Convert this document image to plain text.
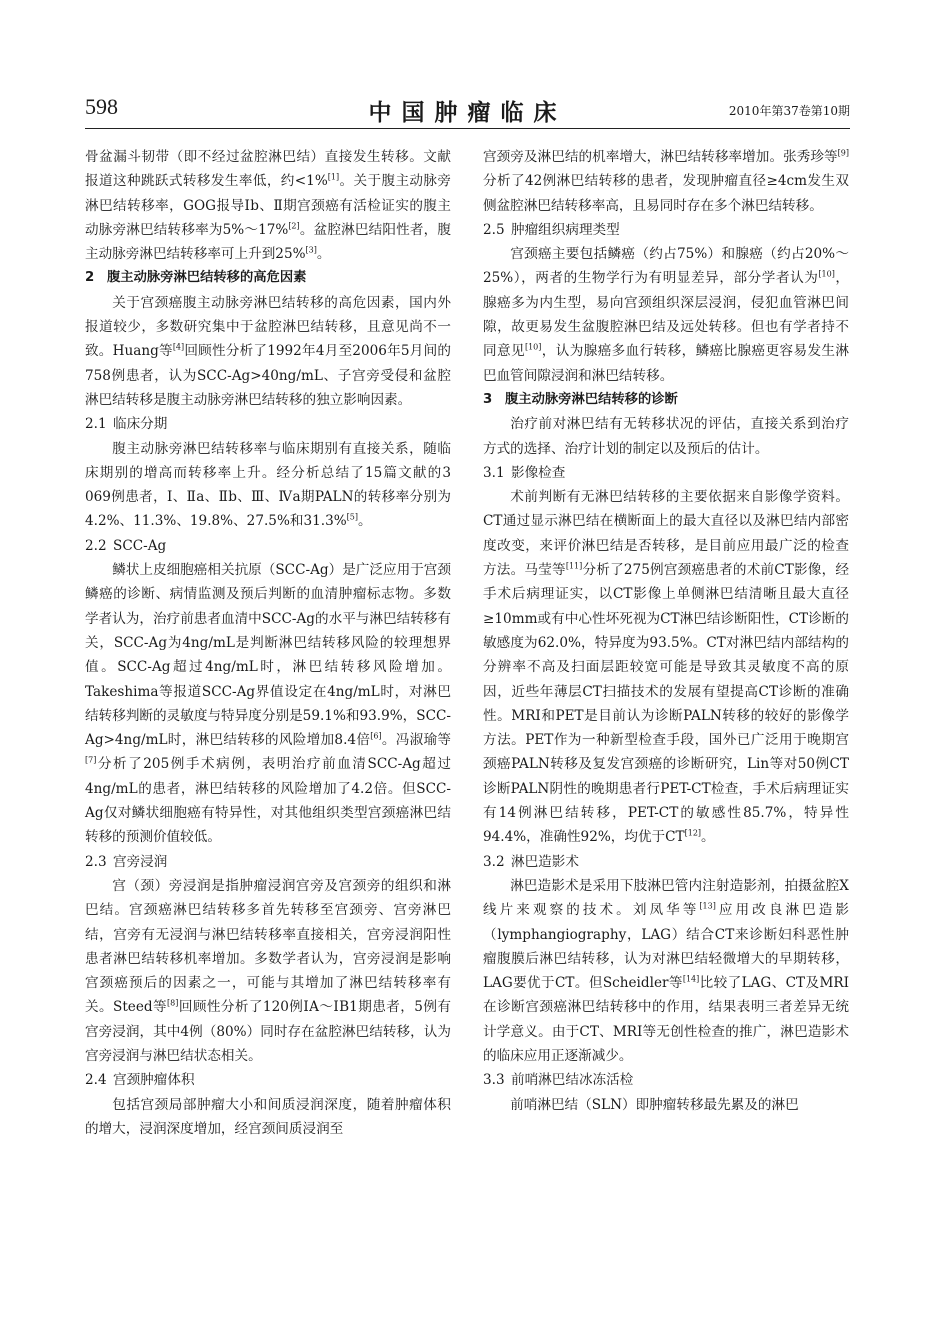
598	中国肿瘤临床	2010年第37卷第10期

骨盆漏斗韧带（即不经过盆腔淋巴结）直接发生转移。文献报道这种跳跃式转移发生率低，约<1%[1]。关于腹主动脉旁淋巴结转移率，GOG报导Ⅰb、Ⅱ期宫颈癌有活检证实的腹主动脉旁淋巴结转移率为5%～17%[2]。盆腔淋巴结阳性者，腹主动脉旁淋巴结转移率可上升到25%[3]。

2 腹主动脉旁淋巴结转移的高危因素

关于宫颈癌腹主动脉旁淋巴结转移的高危因素，国内外报道较少，多数研究集中于盆腔淋巴结转移，且意见尚不一致。Huang等[4]回顾性分析了1992年4月至2006年5月间的758例患者，认为SCC-Ag>40ng/mL、子宫旁受侵和盆腔淋巴结转移是腹主动脉旁淋巴结转移的独立影响因素。

2.1 临床分期

腹主动脉旁淋巴结转移率与临床期别有直接关系，随临床期别的增高而转移率上升。经分析总结了15篇文献的3 069例患者，Ⅰ、Ⅱa、Ⅱb、Ⅲ、Ⅳa期PALN的转移率分别为4.2%、11.3%、19.8%、27.5%和31.3%[5]。

2.2 SCC-Ag

鳞状上皮细胞癌相关抗原（SCC-Ag）是广泛应用于宫颈鳞癌的诊断、病情监测及预后判断的血清肿瘤标志物。多数学者认为，治疗前患者血清中SCC-Ag的水平与淋巴结转移有关，SCC-Ag为4ng/mL是判断淋巴结转移风险的较理想界值。SCC-Ag超过4ng/mL时，淋巴结转移风险增加。Takeshima等报道SCC-Ag界值设定在4ng/mL时，对淋巴结转移判断的灵敏度与特异度分别是59.1%和93.9%，SCC-Ag>4ng/mL时，淋巴结转移的风险增加8.4倍[6]。冯淑瑜等[7]分析了205例手术病例，表明治疗前血清SCC-Ag超过4ng/mL的患者，淋巴结转移的风险增加了4.2倍。但SCC-Ag仅对鳞状细胞癌有特异性，对其他组织类型宫颈癌淋巴结转移的预测价值较低。

2.3 宫旁浸润

宫（颈）旁浸润是指肿瘤浸润宫旁及宫颈旁的组织和淋巴结。宫颈癌淋巴结转移多首先转移至宫颈旁、宫旁淋巴结，宫旁有无浸润与淋巴结转移率直接相关，宫旁浸润阳性患者淋巴结转移机率增加。多数学者认为，宫旁浸润是影响宫颈癌预后的因素之一，可能与其增加了淋巴结转移率有关。Steed等[8]回顾性分析了120例ⅠA～ⅠB1期患者，5例有宫旁浸润，其中4例（80%）同时存在盆腔淋巴结转移，认为宫旁浸润与淋巴结状态相关。

2.4 宫颈肿瘤体积

包括宫颈局部肿瘤大小和间质浸润深度，随着肿瘤体积的增大，浸润深度增加，经宫颈间质浸润至

宫颈旁及淋巴结的机率增大，淋巴结转移率增加。张秀珍等[9]分析了42例淋巴结转移的患者，发现肿瘤直径≥4cm发生双侧盆腔淋巴结转移率高，且易同时存在多个淋巴结转移。

2.5 肿瘤组织病理类型

宫颈癌主要包括鳞癌（约占75%）和腺癌（约占20%～25%），两者的生物学行为有明显差异，部分学者认为[10]，腺癌多为内生型，易向宫颈组织深层浸润，侵犯血管淋巴间隙，故更易发生盆腹腔淋巴结及远处转移。但也有学者持不同意见[10]，认为腺癌多血行转移，鳞癌比腺癌更容易发生淋巴血管间隙浸润和淋巴结转移。

3 腹主动脉旁淋巴结转移的诊断

治疗前对淋巴结有无转移状况的评估，直接关系到治疗方式的选择、治疗计划的制定以及预后的估计。

3.1 影像检查

术前判断有无淋巴结转移的主要依据来自影像学资料。CT通过显示淋巴结在横断面上的最大直径以及淋巴结内部密度改变，来评价淋巴结是否转移，是目前应用最广泛的检查方法。马莹等[11]分析了275例宫颈癌患者的术前CT影像，经手术后病理证实，以CT影像上单侧淋巴结清晰且最大直径≥10mm或有中心性坏死视为CT淋巴结诊断阳性，CT诊断的敏感度为62.0%，特异度为93.5%。CT对淋巴结内部结构的分辨率不高及扫面层距较宽可能是导致其灵敏度不高的原因，近些年薄层CT扫描技术的发展有望提高CT诊断的准确性。MRI和PET是目前认为诊断PALN转移的较好的影像学方法。PET作为一种新型检查手段，国外已广泛用于晚期宫颈癌PALN转移及复发宫颈癌的诊断研究，Lin等对50例CT诊断PALN阴性的晚期患者行PET-CT检查，手术后病理证实有14例淋巴结转移，PET-CT的敏感性85.7%，特异性94.4%，准确性92%，均优于CT[12]。

3.2 淋巴造影术

淋巴造影术是采用下肢淋巴管内注射造影剂，拍摄盆腔X线片来观察的技术。刘凤华等[13]应用改良淋巴造影（lymphangiography，LAG）结合CT来诊断妇科恶性肿瘤腹膜后淋巴结转移，认为对淋巴结轻微增大的早期转移，LAG要优于CT。但Scheidler等[14]比较了LAG、CT及MRI在诊断宫颈癌淋巴结转移中的作用，结果表明三者差异无统计学意义。由于CT、MRI等无创性检查的推广，淋巴造影术的临床应用正逐渐减少。

3.3 前哨淋巴结冰冻活检

前哨淋巴结（SLN）即肿瘤转移最先累及的淋巴
